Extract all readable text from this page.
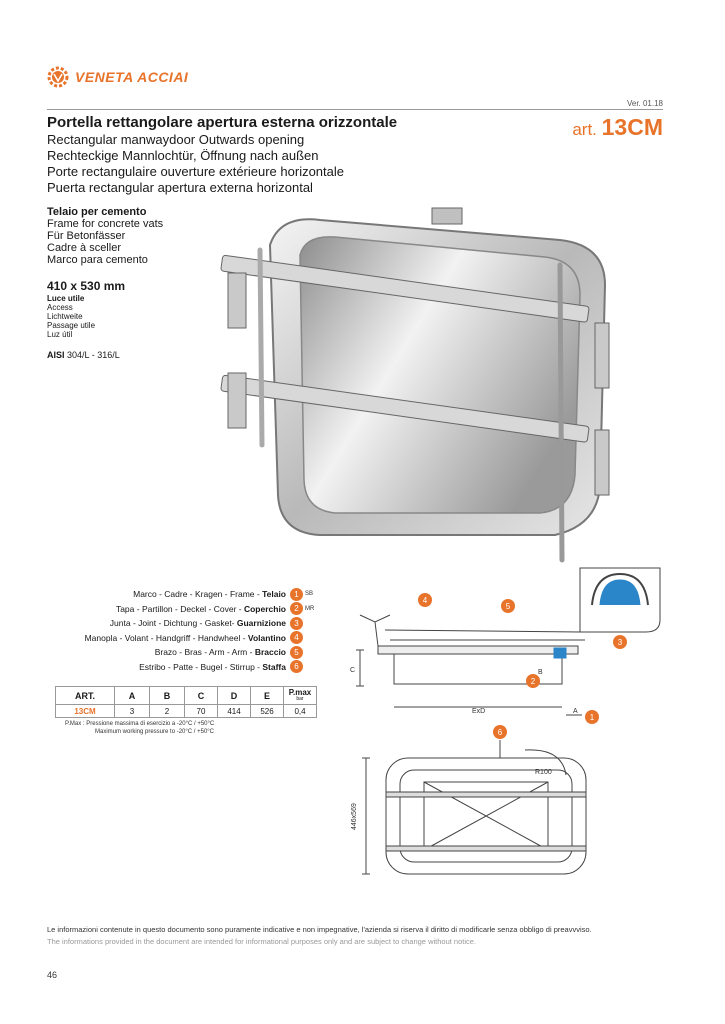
VENETA ACCIAI
Ver. 01.18
art. 13CM
Portella rettangolare apertura esterna orizzontale
Rectangular manwaydoor Outwards opening
Rechteckige Mannlochtür, Öffnung nach außen
Porte rectangulaire ouverture extérieure horizontale
Puerta rectangular apertura externa horizontal
Telaio per cemento
Frame for concrete vats
Für Betonfässer
Cadre à sceller
Marco para cemento
410 x 530 mm
Luce utile
Access
Lichtweite
Passage utile
Luz útil
AISI 304/L - 316/L
Marco - Cadre - Kragen - Frame - Telaio	1	SB
Tapa - Partillon - Deckel - Cover - Coperchio	2	MR
Junta - Joint - Dichtung - Gasket- Guarnizione	3
Manopla - Volant - Handgriff - Handwheel - Volantino	4
Brazo - Bras - Arm - Arm - Braccio	5
Estribo - Patte - Bugel - Stirrup - Staffa	6
ART.	A	B	C	D	E	P.max
bar

13CM	3	2	70	414	526	0,4
P.Max : Pressione massima di esercizio a -20°C / +50°C
Maximum working pressure to -20°C / +50°C
C	B
ExD	A
R100
446x569
4
5
3
2
1
6
Le informazioni contenute in questo documento sono puramente indicative e non impegnative, l'azienda si riserva il diritto di modificarle senza obbligo di preavvviso.
The informations provided in the document are intended for informational purposes only and are subject to change without notice.
46
